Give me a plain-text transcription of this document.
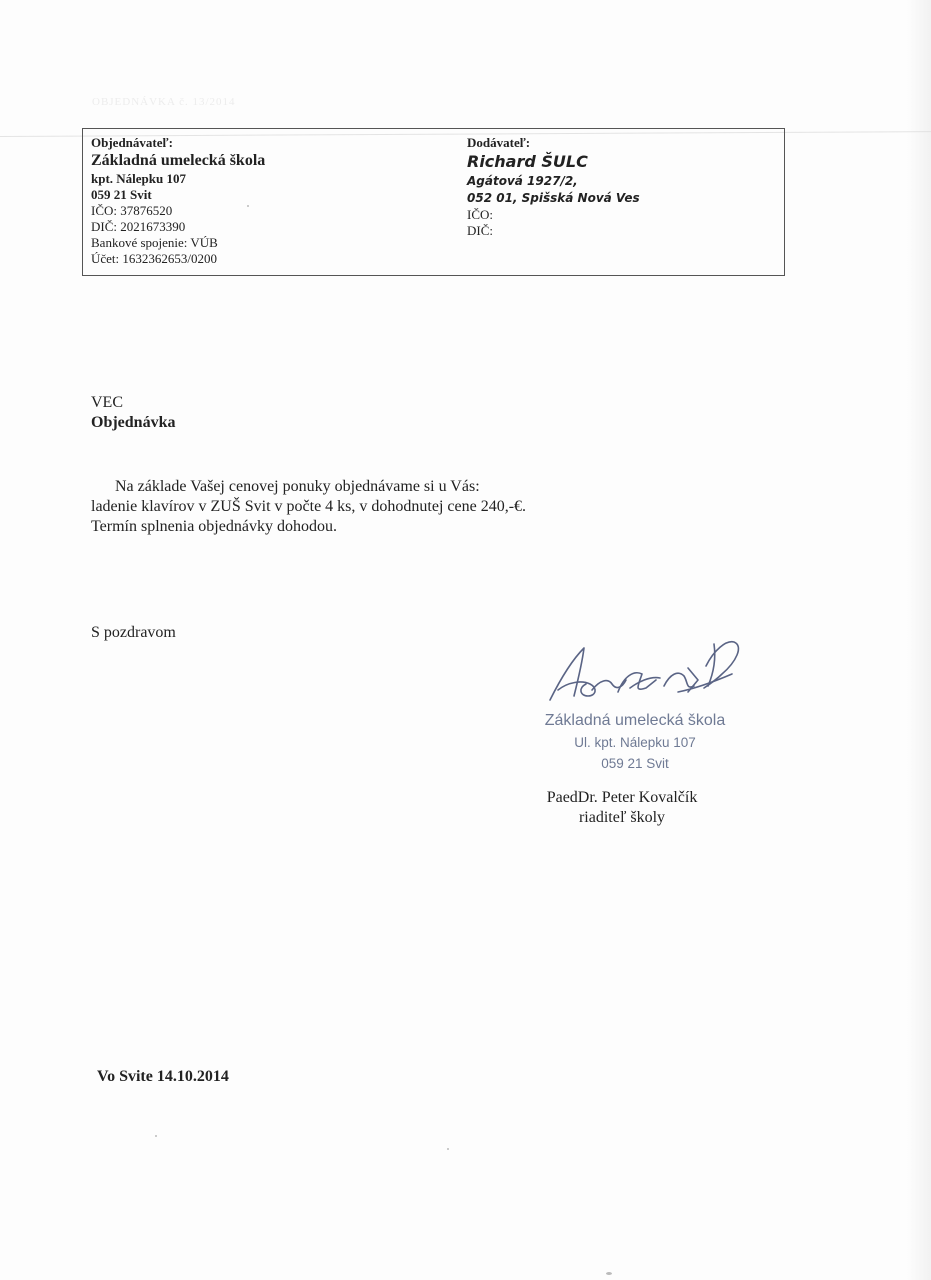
OBJEDNÁVKA č. 13/2014
Objednávateľ:
Základná umelecká škola
kpt. Nálepku 107
059 21 Svit
IČO: 37876520
DIČ: 2021673390
Bankové spojenie: VÚB
Účet: 1632362653/0200
Dodávateľ:
Richard ŠULC
Agátová 1927/2,
052 01, Spišská Nová Ves
IČO:
DIČ:
VEC
Objednávka
Na základe Vašej cenovej ponuky objednávame si u Vás:
ladenie klavírov v ZUŠ Svit v počte 4 ks, v dohodnutej cene 240,-€.
Termín splnenia objednávky dohodou.
S pozdravom
Základná umelecká škola
Ul. kpt. Nálepku 107
059 21 Svit
PaedDr. Peter Kovalčík
riaditeľ školy
Vo Svite 14.10.2014
